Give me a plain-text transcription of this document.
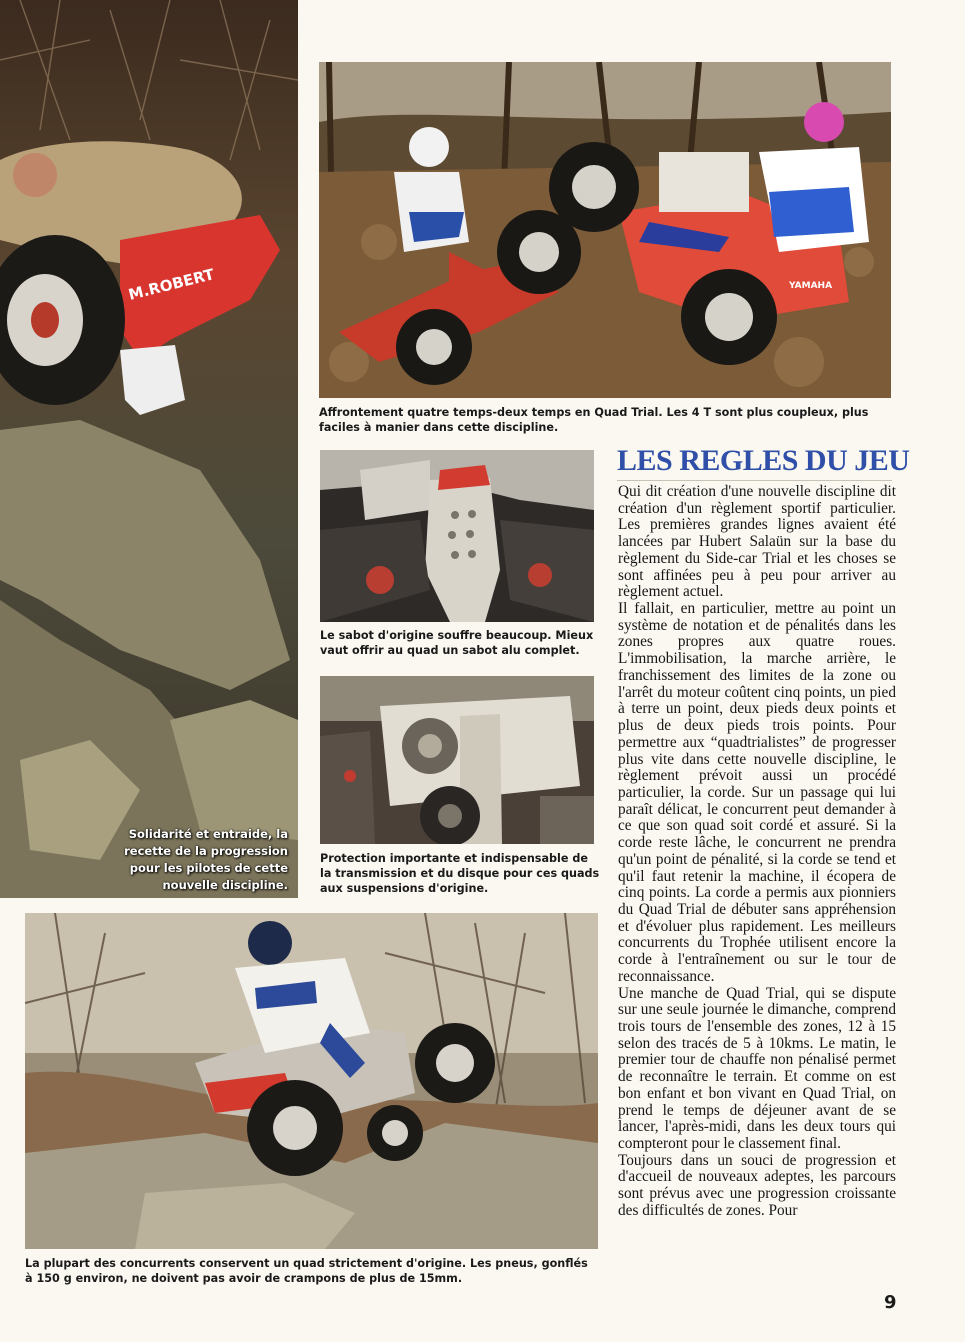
M.ROBERT
Solidarité et entraide, la recette de la progression pour les pilotes de cette nouvelle discipline.
YAMAHA
Affrontement quatre temps-deux temps en Quad Trial. Les 4 T sont plus coupleux, plus faciles à manier dans cette discipline.
Le sabot d'origine souffre beaucoup. Mieux vaut offrir au quad un sabot alu complet.
Protection importante et indispensable de la transmission et du disque pour ces quads aux suspensions d'origine.
La plupart des concurrents conservent un quad strictement d'origine. Les pneus, gonflés à 150 g environ, ne doivent pas avoir de crampons de plus de 15mm.
LES REGLES DU JEU

Qui dit création d'une nouvelle discipline dit création d'un règlement sportif particulier. Les premières grandes lignes avaient été lancées par Hubert Salaün sur la base du règlement du Side-car Trial et les choses se sont affinées peu à peu pour arriver au règlement actuel.

Il fallait, en particulier, mettre au point un système de notation et de pénalités dans les zones propres aux quatre roues. L'immobilisation, la marche arrière, le franchissement des limites de la zone ou l'arrêt du moteur coûtent cinq points, un pied à terre un point, deux pieds deux points et plus de deux pieds trois points. Pour permettre aux “quadtrialistes” de progresser plus vite dans cette nouvelle discipline, le règlement prévoit aussi un procédé particulier, la corde. Sur un passage qui lui paraît délicat, le concurrent peut demander à ce que son quad soit cordé et assuré. Si la corde reste lâche, le concurrent ne prendra qu'un point de pénalité, si la corde se tend et qu'il faut retenir la machine, il écopera de cinq points. La corde a permis aux pionniers du Quad Trial de débuter sans appréhension et d'évoluer plus rapidement. Les meilleurs concurrents du Trophée utilisent encore la corde à l'entraînement ou sur le tour de reconnaissance.

Une manche de Quad Trial, qui se dispute sur une seule journée le dimanche, comprend trois tours de l'ensemble des zones, 12 à 15 selon des tracés de 5 à 10kms. Le matin, le premier tour de chauffe non pénalisé permet de reconnaître le terrain. Et comme on est bon enfant et bon vivant en Quad Trial, on prend le temps de déjeuner avant de se lancer, l'après-midi, dans les deux tours qui compteront pour le classement final.

Toujours dans un souci de progression et d'accueil de nouveaux adeptes, les parcours sont prévus avec une progression croissante des difficultés de zones. Pour

9
